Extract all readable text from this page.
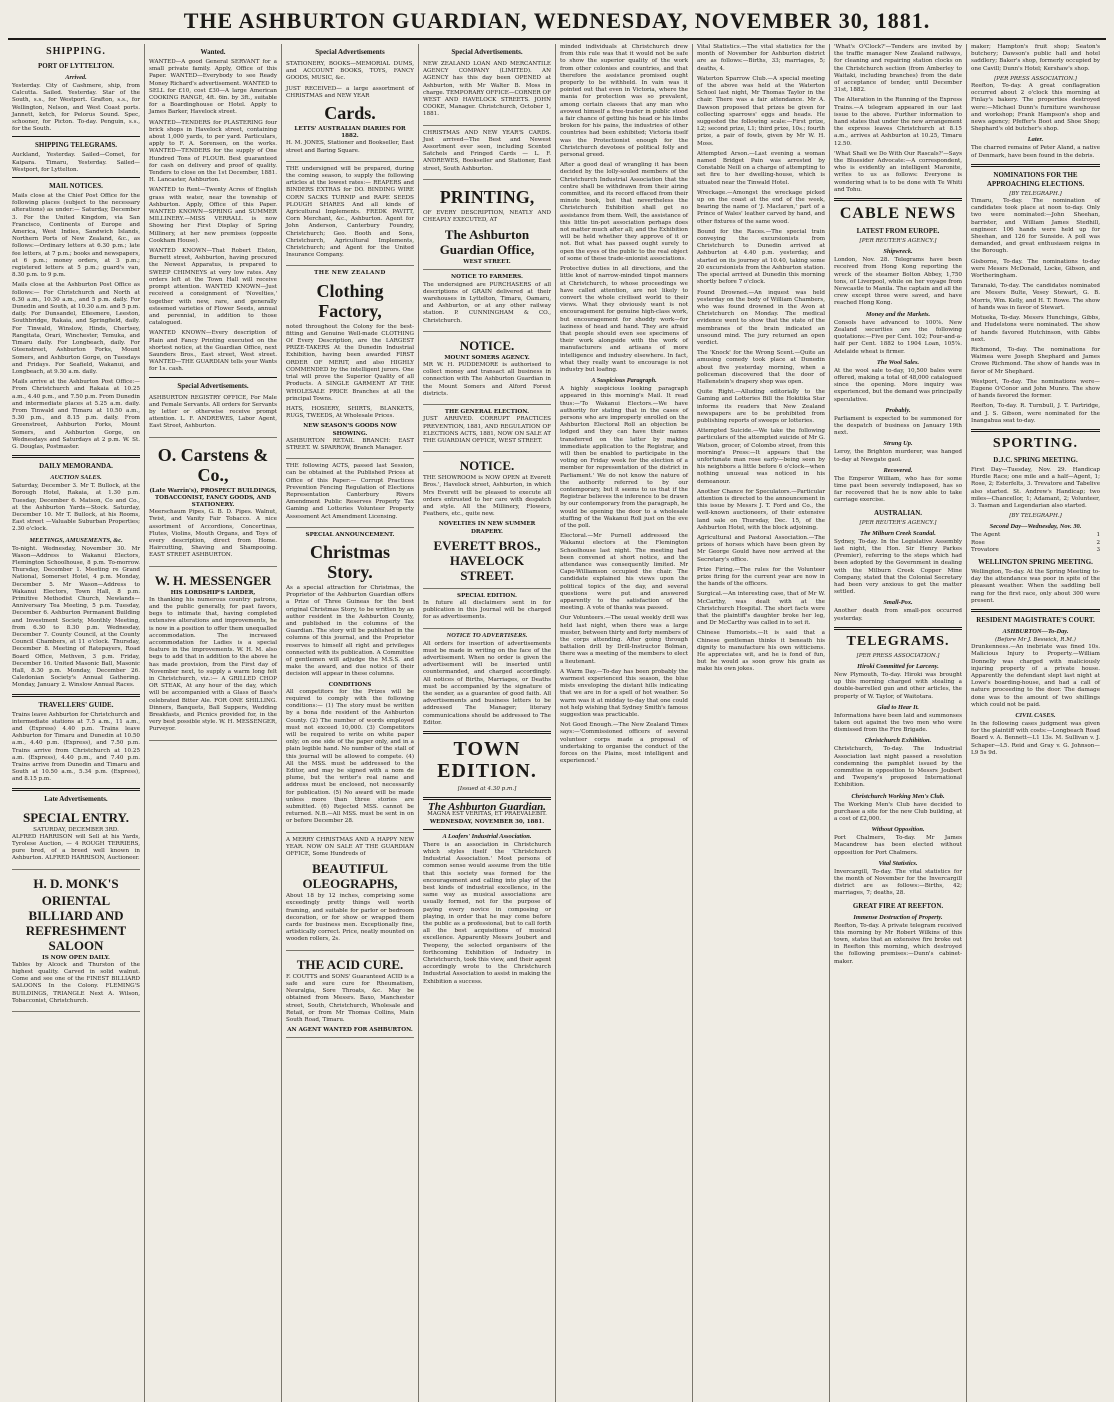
THE ASHBURTON GUARDIAN, WEDNESDAY, NOVEMBER 30, 1881.
SHIPPING.
PORT OF LYTTELTON.
Arrived.

Yesterday. City of Cashmere, ship, from Calcutta. Sailed. Yesterday. Star of the South, s.s., for Westport. Grafton, s.s., for Wellington, Nelson, and West Coast ports. Jannett, ketch, for Pelorus Sound. Spec, schooner, for Picton. To-day. Penguin, s.s., for the South.

SHIPPING TELEGRAMS.

Auckland, Yesterday. Sailed—Comet, for Kaipara. Timaru, Yesterday. Sailed—Westport, for Lyttelton.

MAIL NOTICES.

Mails close at the Chief Post Office for the following places (subject to the necessary alterations) as under:— Saturday, December 3. For the United Kingdom, via San Francisco, Continents of Europe and America, West Indies, Sandwich Islands, Northern Ports of New Zealand, &c., as follows:—Ordinary letters at 6.30 p.m.; late fee letters, at 7 p.m.; books and newspapers, at 6 p.m.; money orders, at 3 p.m.; registered letters at 5 p.m.; guard's van, 8.30 p.m. to 9 p.m.

Mails close at the Ashburton Post Office as follows:— For Christchurch and North at 6.30 a.m., 10.30 a.m., and 5 p.m. daily. For Dunedin and South, at 10.30 a.m. and 5 p.m. daily. For Dunsandel, Ellesmere, Leeston, Southbridge, Rakaia, and Springfield, daily. For Tinwald, Winslow, Hinds, Chertsey, Rangitata, Orari, Winchester, Temuka, and Timaru daily. For Longbeach, daily. For Gteenstreet, Ashburton Forks, Mount Somers, and Ashburton Gorge, on Tuesdays and Fridays. For Seafield, Wakanui, and Longbeach, at 9.30 a.m. daily.

Mails arrive at the Ashburton Post Office:— From Christchurch and Rakaia at 10.25 a.m., 4.40 p.m., and 7.50 p.m. From Dunedin and intermediate places at 5.25 a.m. daily. From Tinwald and Timaru at 10.50 a.m., 5.30 p.m., and 8.15 p.m. daily. From Greenstreet, Ashburton Forks, Mount Somers, and Ashburton Gorge, on Wednesdays and Saturdays at 2 p.m. W. St. G. Douglas, Postmaster.

DAILY MEMORANDA.
AUCTION SALES.

Saturday, December 3. Mr T. Bullock, at the Borough Hotel, Rakaia, at 1.30 p.m. Tuesday, December 6. Matson, Co and Co., at the Ashburton Yards—Stock. Saturday, December 10. Mr T. Bullock, at his Rooms, East street —Valuable Suburban Properties; 2.30 o'clock.

MEETINGS, AMUSEMENTS, &c.

To-night. Wednesday, November 30. Mr Wason—Address to Wakanui Electors, Flemington Schoolhouse, 8 p.m. To-morrow. Thursday, December 1. Meeting re Grand National, Somerset Hotel, 4 p.m. Monday, December 5. Mr Wason—Address to Wakanui Electors, Town Hall, 8 p.m. Primitive Methodist Church, Newlands—Anniversary Tea Meeting, 5 p.m. Tuesday, December 6. Ashburton Permanent Building and Investment Society, Monthly Meeting, from 6.30 to 8.30 p.m. Wednesday, December 7. County Council, at the County Council Chambers, at 11 o'clock. Thursday, December 8. Meeting of Ratepayers, Road Board Office, Methven, 3 p.m. Friday, December 16. United Masonic Ball, Masonic Hall, 8.30 p.m. Monday, December 26. Caledonian Society's Annual Gathering. Monday, January 2. Winslow Annual Races.

TRAVELLERS' GUIDE.

Trains leave Ashburton for Christchurch and intermediate stations at 7.5 a.m., 11 a.m., and (Express) 4.40 p.m. Trains leave Ashburton for Timaru and Dunedin at 10.50 a.m., 4.40 p.m. (Express), and 7.50 p.m. Trains arrive from Christchurch at 10.25 a.m. (Express), 4.40 p.m., and 7.40 p.m. Trains arrive from Dunedin and Timaru and South at 10.50 a.m., 5.34 p.m. (Express), and 8.15 p.m.

Late Advertisements.
SPECIAL ENTRY.
SATURDAY, DECEMBER 3RD.

ALFRED HARRISON will Sell at his Yards, Tyrolese Auction, — 4 ROUGH TERRIERS, pure bred, of a breed well known in Ashburton. ALFRED HARRISON, Auctioneer.

H. D. MONK'S
ORIENTAL BILLIARD AND REFRESHMENT SALOON
IS NOW OPEN DAILY.

Tables by Alcock and Thurston of the highest quality. Carved in solid walnut. Come and see one of the FINEST BILLIARD SALOONS In the Colony. FLEMING'S BUILDINGS, TRIANGLE Next A. Wilson, Tobacconist, Christchurch.

Wanted.

WANTED—A good General SERVANT for a small private family. Apply, Office of this Paper. WANTED—Everybody to see Ready Money Richard's advertisement. WANTED to SELL for £10, cost £30—A large American COOKING RANGE, 4ft. 6in. by 3ft., suitable for a Boardinghouse or Hotel. Apply to James Barker, Havelock street.

WANTED—TENDERS for PLASTERING four brick shops in Havelock street, containing about 1,000 yards, to per yard. Particulars, apply to F. A. Sorensen, on the works. WANTED—TENDERS for the supply of One Hundred Tons of FLOUR. Best guaranteed for cash on delivery and proof of quality. Tenders to close on the 1st December, 1881. H. Lancaster, Ashburton.

WANTED to Rent—Twenty Acres of English grass with water, near the township of Ashburton. Apply, Office of this Paper. WANTED KNOWN—SPRING and SUMMER MILLINERY.—MISS VERRALL is now Showing her First Display of Spring Millinery, at her new premises (opposite Cookham House).

WANTED KNOWN—That Robert Elston, Burnett street, Ashburton, having procured the Newest Apparatus, is prepared to SWEEP CHIMNEYS at very low rates. Any orders left at the Town Hall will receive prompt attention. WANTED KNOWN—Just received a consignment of 'Novelties,' together with new, rare, and generally esteemed varieties of Flower Seeds, annual and perennial, in addition to those catalogued.

WANTED KNOWN—Every description of Plain and Fancy Printing executed on the shortest notice, at the Guardian Office, next Saunders Bros., East street, West street. WANTED—THE GUARDIAN tells your Wants for 1s. cash.

Special Advertisements.

ASHBURTON REGISTRY OFFICE, For Male and Female Servants. All orders for Servants by letter or otherwise receive prompt attention. L. F. ANDREWES, Labor Agent, East Street, Ashburton.

O. Carstens & Co.,
(Late Warrin's), PROSPECT BUILDINGS, TOBACCONIST, FANCY GOODS, AND STATIONERY.

Meerschaum Pipes, G. B. D. Pipes. Walnut, Twist, and Vanity Fair Tobacco. A nice assortment of Accordions, Concertinas, Flutes, Violins, Mouth Organs, and Toys of every description, direct from Home. Haircutting, Shaving and Shampooing. EAST STREET ASHBURTON.

W. H. MESSENGER
HIS LORDSHIP'S LARDER,

In thanking his numerous country patrons, and the public generally, for past favors, begs to intimate that, having completed extensive alterations and improvements, he is now in a position to offer them unequalled accommodation. The increased accommodation for Ladies is a special feature in the improvements. W. H. M. also begs to add that in addition to the above he has made provision, from the First day of November next, to supply a warm long felt in Christchurch, viz.:— A GRILLED CHOP OR STEAK, At any hour of the day, which will be accompanied with a Glass of Bass's celebrated Bitter Ale. FOR ONE SHILLING. Dinners, Banquets, Ball Suppers, Wedding Breakfasts, and Picnics provided for, in the very best possible style. W. H. MESSENGER, Purveyor.

Special Advertisements

STATIONERY, BOOKS—MEMORIAL DUMS, and ACCOUNT BOOKS, TOYS, FANCY GOODS, MUSIC, &c.

JUST RECEIVED— a large assortment of CHRISTMAS and NEW YEAR

Cards.
LETTS' AUSTRALIAN DIARIES FOR 1882.

H. M. JONES, Stationer and Bookseller, East street and Baring Square.

THE undersigned will be prepared, during the coming season, to supply the following articles at the lowest rates:— REAPERS and BINDERS EXTRAS for DO. BINDING WIRE CORN SACKS TURNIP and RAPE SEEDS PLOUGH SHARES And all kinds of Agricultural Implements. FREDK PAVITT, Corn Merchant, &c., Ashburton. Agent for John Anderson, Canterbury Foundry, Christchurch; Geo. Booth and Sons, Christchurch, Agricultural Implements, Christchurch; and Agent for the United Insurance Company.

THE NEW ZEALAND
Clothing Factory,

noted throughout the Colony for the best-fitting and Genuine Well-made CLOTHING Of Every Description, are the LARGEST PRIZE-TAKERS At the Dunedin Industrial Exhibition, having been awarded FIRST ORDER OF MERIT, and also HIGHLY COMMENDED by the intelligent jurors. One trial will prove the Superior Quality of all Products. A SINGLE GARMENT AT THE WHOLESALE PRICE Branches at all the principal Towns.

HATS, HOSIERY, SHIRTS, BLANKETS, RUGS, TWEEDS, At Wholesale Prices.

NEW SEASON'S GOODS NOW SHOWING.

ASHBURTON RETAIL BRANCH: EAST STREET. W. SPARROW, Branch Manager.

THE following ACTS, passed last Session, can be obtained at the Published Prices at Office of this Paper:— Corrupt Practices Prevention Fencing Regulation of Elections Representation Canterbury Rivers Amendment Public Reserves Property Tax Gaming and Lotteries Volunteer Property Assessment Act Amendment Licensing.

SPECIAL ANNOUNCEMENT.
Christmas Story.

As a special attraction for Christmas, the Proprietor of the Ashburton Guardian offers a Prize of Three Guineas for the best original Christmas Story, to be written by an author resident in the Ashburton County, and published in the columns of the Guardian. The story will be published in the columns of this journal, and the Proprietor reserves to himself all right and privileges connected with its publication. A Committee of gentlemen will adjudge the M.S.S. and make the award, and due notice of their decision will appear in these columns.

CONDITIONS

All competitors for the Prizes will be required to comply with the following conditions:— (1) The story must be written by a bona fide resident of the Ashburton County. (2) The number of words employed must not exceed 10,000. (3) Competitors will be required to write on white paper only; on one side of the paper only, and in a plain legible hand. No number of the stall of this journal will be allowed to compete. (4) All the MSS. must be addressed to the Editor, and may be signed with a nom de plume, but the writer's real name and address must be enclosed, not necessarily for publication. (5) No award will be made unless more than three stories are submitted. (6) Rejected MSS. cannot be returned. N.B.—All MSS. must be sent in on or before December 28.

A MERRY CHRISTMAS AND A HAPPY NEW YEAR. NOW ON SALE AT THE GUARDIAN OFFICE, Some Hundreds of

BEAUTIFUL OLEOGRAPHS,

About 18 by 12 inches, comprising some exceedingly pretty things well worth framing, and suitable for parlor or bedroom decoration, or for show or wrapped them cards for business men. Exceptionally fine, artistically correct. Price, neatly mounted on wooden rollers, 2s.

THE ACID CURE.

F. COUTTS and SONS' Guaranteed ACID is a safe and sure cure for Rheumatism, Neuralgia, Sore Throats, &c. May be obtained from Messrs. Baxo, Manchester street, South, Christchurch, Wholesale and Retail, or from Mr Thomas Collins, Main South Road, Timaru.

AN AGENT WANTED FOR ASHBURTON.
Special Advertisements.

NEW ZEALAND LOAN AND MERCANTILE AGENCY COMPANY (LIMITED). AN AGENCY has this day been OPENED at Ashburton, with Mr Walter B. Moss in charge. TEMPORARY OFFICE—CORNER OF WEST AND HAVELOCK STREETS. JOHN COOKE, Manager. Christchurch, October 1, 1881.

CHRISTMAS AND NEW YEAR'S CARDS. Just arrived—The Best and Newest Assortment ever seen, including Scented Satchels and Fringed Cards — L. F. ANDREWES, Bookseller and Stationer, East street, South Ashburton.

PRINTING,

OF EVERY DESCRIPTION, NEATLY AND CHEAPLY EXECUTED, AT

The Ashburton Guardian Office,
WEST STREET.
NOTICE TO FARMERS.

The undersigned are PURCHASERS of all descriptions of GRAIN delivered at their warehouses in Lyttelton, Timaru, Oamaru, and Ashburton, or at any other railway station. P. CUNNINGHAM & CO., Christchurch.

NOTICE.
MOUNT SOMERS AGENCY.

MR W. H. PUDDEMORE is authorised to collect money and transact all business in connection with The Ashburton Guardian in the Mount Somers and Alford Forest districts.

THE GENERAL ELECTION.

JUST ARRIVED. CORRUPT PRACTICES PREVENTION, 1881, AND REGULATION OF ELECTIONS ACTS, 1881, NOW ON SALE AT THE GUARDIAN OFFICE, WEST STREET.

NOTICE.

THE SHOWROOM is NOW OPEN at Everett Bros.', Havelock street, Ashburton, in which Mrs Everett will be pleased to execute all orders entrusted to her care with despatch and style. All the Millinery, Flowers, Feathers, etc., quite new.

NOVELTIES IN NEW SUMMER DRAPERY.
EVERETT BROS., HAVELOCK STREET.
SPECIAL EDITION.

In future all disclaimers sent in for publication in this Journal will be charged for as advertisements.

NOTICE TO ADVERTISERS.

All orders for insertion of advertisements must be made in writing on the face of the advertisement. When no order is given the advertisement will be inserted until countermanded, and charged accordingly. All notices of Births, Marriages, or Deaths must be accompanied by the signature of the sender, as a guarantee of good faith. All advertisements and business letters to be addressed The Manager; literary communications should be addressed to The Editor.

TOWN EDITION.
[Issued at 4.30 p.m.]
The Ashburton Guardian.
MAGNA EST VERITAS, ET PRAEVALEBIT.
WEDNESDAY, NOVEMBER 30, 1881.
A Loafers' Industrial Association.

There is an association in Christchurch which styles itself the 'Christchurch Industrial Association.' Most persons of common sense would assume from the title that this society was formed for the encouragement and calling into play of the best kinds of industrial excellence, in the same way as musical associations are usually formed, not for the purpose of paying every novice in composing or playing, in order that he may come before the public as a professional, but to call forth all the best acquisitions of musical excellence. Apparently Messrs Joubert and Twopeny, the selected organisers of the forthcoming Exhibition of Industry in Christchurch, took this view, and their agent accordingly wrote to the Christchurch Industrial Association to assist in making the Exhibition a success.

minded individuals at Christchurch drew from this rule was that it would not be safe to show the superior quality of the work from other colonies and countries, and that therefore the assistance promised ought properly to be withheld. In vain was it pointed out that even in Victoria, where the mania for protection was so prevalent, among certain classes that any man who avowed himself a free-trader in public stood a fair chance of getting his head or his limbs broken for his pains, the industries of other countries had been exhibited; Victoria itself was the Protectionist enough for the Christchurch devotees of political folly and personal greed.

After a good deal of wrangling it has been decided by the lolly-souled members of the Christchurch Industrial Association that the centre shall be withdrawn from their airing committee, and its record effaced from their minute book, but that nevertheless the Christchurch Exhibition shall get no assistance from them. Well, the assistance of this little tin-pot association perhaps does not matter much after all; and the Exhibition will be held whether they approve of it or not. But what has passed ought surely to open the eyes of the public to the real object of some of these trade-unionist associations.

Protective duties in all directions, and the little knot of narrow-minded tinpot manners at Christchurch, to whose proceedings we have called attention, are not likely to convert the whole civilised world to their views. What they obviously want is not encouragement for genuine high-class work, but encouragement for shoddy work—for laziness of head and hand. They are afraid that people should even see specimens of their work alongside with the work of manufacturers and artisans of more intelligence and industry elsewhere. In fact, what they really want to encourage is not industry but loafing.

A Suspicious Paragraph.

A highly suspicious looking paragraph appeared in this morning's Mail. It read thus:—'To Wakanui Electors.—We have authority for stating that in the cases of persons who are improperly enrolled on the Ashburton Electoral Roll an objection be lodged and they can have their names transferred on the latter by making immediate application to the Registrar, and will then be enabled to participate in the voting on Friday week for the election of a member for representation of the district in Parliament.' We do not know the nature of the authority referred to by our contemporary, but it seems to us that if the Registrar believes the inference to be drawn by our contemporary from the paragraph, he would be opening the door to a wholesale stuffing of the Wakanui Roll just on the eve of the poll.

Electoral.—Mr Purnell addressed the Wakanui electors at the Flemington Schoolhouse last night. The meeting had been convened at short notice, and the attendance was consequently limited. Mr Cape-Williamson occupied the chair. The candidate explained his views upon the political topics of the day, and several questions were put and answered apparently to the satisfaction of the meeting. A vote of thanks was passed.

Our Volunteers.—The usual weekly drill was held last night, when there was a large muster, between thirty and forty members of the corps attending. After going through battalion drill by Drill-Instructor Bolman, there was a meeting of the members to elect a lieutenant.

A Warm Day.—To-day has been probably the warmest experienced this season, the blue mists enveloping the distant hills indicating that we are in for a spell of hot weather. So warm was it at midday to-day that one could not help wishing that Sydney Smith's famous suggestion was practicable.

Not Good Enough.—The New Zealand Times says:—'Commissioned officers of several volunteer corps made a proposal of undertaking to organise the conduct of the forces on the Plains, most intelligent and experienced.'

Vital Statistics.—The vital statistics for the month of November for Ashburton district are as follows:—Births, 33; marriages, 5; deaths, 4.

Waterton Sparrow Club.—A special meeting of the above was held at the Waterton School last night, Mr Thomas Taylor in the chair. There was a fair attendance. Mr A. Dawson proposed that prizes be given for collecting sparrows' eggs and heads. He suggested the following scale:—First prize, L2; second prize, L1; third prize, 10s.; fourth prize, a pair of fowls, given by Mr W. H. Moss.

Attempted Arson.—Last evening a woman named Bridget Pain was arrested by Constable Neill on a charge of attempting to set fire to her dwelling-house, which is situated near the Tinwald Hotel.

Wreckage.—Amongst the wreckage picked up on the coast at the end of the week, bearing the name of 'J. Maclaren,' part of a Prince of Wales' leather carved by hand, and other fixtures of the same wood.

Bound for the Races.—The special train conveying the excursionists from Christchurch to Dunedin arrived at Ashburton at 4.40 p.m. yesterday, and started on its journey at 10.40, taking some 20 excursionists from the Ashburton station. The special arrived at Dunedin this morning shortly before 7 o'clock.

Found Drowned.—An inquest was held yesterday on the body of William Chambers, who was found drowned in the Avon at Christchurch on Monday. The medical evidence went to show that the state of the membranes of the brain indicated an unsound mind. The jury returned an open verdict.

The 'Knock' for the Wrong Scent.—Quite an amusing comedy took place at Dunedin about five yesterday morning, when a policeman discovered that the door of Hallenstein's drapery shop was open.

Quite Right.—Alluding editorially to the Gaming and Lotteries Bill the Hokitika Star informs its readers that New Zealand newspapers are to be prohibited from publishing reports of sweeps or lotteries.

Attempted Suicide.—We take the following particulars of the attempted suicide of Mr G. Watson, grocer, of Colombo street, from this morning's Press:—It appears that the unfortunate man rose early—being seen by his neighbors a little before 6 o'clock—when nothing unusual was noticed in his demeanour.

Another Chance for Speculators.—Particular attention is directed to the announcement in this issue by Messrs J. T. Ford and Co., the well-known auctioneers, of their extensive land sale on Thursday, Dec. 15, of the Ashburton Hotel, with the block adjoining.

Agricultural and Pastoral Association.—The prizes of horses which have been given by Mr George Gould have now arrived at the Secretary's office.

Prize Firing.—The rules for the Volunteer prize firing for the current year are now in the hands of the officers.

Surgical.—An interesting case, that of Mr W. McCarthy, was dealt with at the Christchurch Hospital. The short facts were that the plaintiff's daughter broke her leg, and Dr McCarthy was called in to set it.

Chinese Humorists.—It is said that a Chinese gentleman thinks it beneath his dignity to manufacture his own witticisms. He appreciates wit, and he is fond of fun, but he would as soon grow his grain as make his own jokes.

'What's O'Clock?'—Tenders are invited by the traffic manager New Zealand railways, for cleaning and repairing station clocks on the Christchurch section (from Amberley to Waitaki, including branches) from the date of acceptance of tender, until December 31st, 1882.

The Alteration in the Running of the Express Trains.—A telegram appeared in our last issue to the above. Further information to hand states that under the new arrangement the express leaves Christchurch at 8.15 a.m., arrives at Ashburton at 10.25, Timaru 12.50.

'What Shall we Do With Our Rascals?'—Says the Bluesider Advocate:—A correspondent, who is evidently an intelligent Maronite, writes to us as follows: Everyone is wondering what is to be done with Te Whiti and Tohu.

CABLE NEWS
LATEST FROM EUROPE.
[PER REUTER'S AGENCY.]
Shipwreck.

London, Nov. 28. Telegrams have been received from Hong Kong reporting the wreck of the steamer Bolton Abbey, 1,750 tons, of Liverpool, while on her voyage from Newcastle to Manila. The captain and all the crew except three were saved, and have reached Hong Kong.

Money and the Markets.

Consols have advanced to 100⅞. New Zealand securities are the following quotations:—Five per Cent. 102; Four-and-a-half per Cent. 1882 to 1904 Loan, 105⅞. Adelaide wheat is firmer.

The Wool Sales.

At the wool sale to-day, 10,500 bales were offered, making a total of 48,000 catalogued since the opening. More inquiry was experienced, but the demand was principally speculative.

Probably.

Parliament is expected to be summoned for the despatch of business on January 19th next.

Strung Up.

Leroy, the Brighton murderer, was hanged to-day at Newgate gaol.

Recovered.

The Emperor William, who has for some time past been severely indisposed, has so far recovered that he is now able to take carriage exercise.

AUSTRALIAN.
[PER REUTER'S AGENCY.]
The Milburn Creek Scandal.

Sydney, To-day. In the Legislative Assembly last night, the Hon. Sir Henry Parkes (Premier), referring to the steps which had been adopted by the Government in dealing with the Milburn Creek Copper Mine Company, stated that the Colonial Secretary had been very anxious to get the matter settled.

Small-Pox.

Another death from small-pox occurred yesterday.

TELEGRAMS.
[PER PRESS ASSOCIATION.]
Hiroki Committed for Larceny.

New Plymouth, To-day. Hiroki was brought up this morning charged with stealing a double-barrelled gun and other articles, the property of W. Taylor, of Waitotara.

Glad to Hear It.

Informations have been laid and summonses taken out against the two men who were dismissed from the Fire Brigade.

Christchurch Exhibition.

Christchurch, To-day. The Industrial Association last night passed a resolution condemning the pamphlet issued by the committee in opposition to Messrs Joubert and Twopeny's proposed International Exhibition.

Christchurch Working Men's Club.

The Working Men's Club have decided to purchase a site for the new Club building, at a cost of £2,000.

Without Opposition.

Port Chalmers, To-day. Mr James Macandrew has been elected without opposition for Port Chalmers.

Vital Statistics.

Invercargill, To-day. The vital statistics for the month of November for the Invercargill district are as follows:—Births, 42; marriages, 7; deaths, 28.

GREAT FIRE AT REEFTON.
Immense Destruction of Property.

Reefton, To-day. A private telegram received this morning by Mr Robert Wilkins of this town, states that an extensive fire broke out in Reefton this morning, which destroyed the following premises:—Dunn's cabinet-maker.

maker; Hampton's fruit shop; Seaton's butchery; Dawson's public hall and hotel saddlery; Baker's shop, formerly occupied by one Cavill; Dunn's Hotel; Kershaw's shop.

[PER PRESS ASSOCIATION.]

Reefton, To-day. A great conflagration occurred about 2 o'clock this morning at Finlay's bakery. The properties destroyed were:—Michael Dunn's furniture warehouse and workshop; Frank Hampson's shop and news agency; Pfeffer's Boot and Shoe Shop; Shephard's old butcher's shop.

Later.

The charred remains of Peter Aland, a native of Denmark, have been found in the debris.

NOMINATIONS FOR THE APPROACHING ELECTIONS.
[BY TELEGRAPH.]

Timaru, To-day. The nomination of candidates took place at noon to-day. Only two were nominated:—John Sheehan, barrister, and William James Stedhill, engineer. 106 hands were held up for Sheehan, and 126 for Sunside. A poll was demanded, and great enthusiasm reigns in the Borough.

Gisborne, To-day. The nominations to-day were Messrs McDonald, Locke, Gibson, and Wortheringham.

Taranaki, To-day. The candidates nominated are Messrs Bulte, Vesey Stewart, G. B. Morris, Wm. Kelly, and H. T. Rowe. The show of hands was in favor of Stewart.

Motueka, To-day. Messrs Hunchings, Gibbs, and Hudelstons were nominated. The show of hands favored Hutchinson, with Gibbs next.

Richmond, To-day. The nominations for Waimea were Joseph Shephard and James Crowe Richmond. The show of hands was in favor of Mr Shephard.

Westport, To-day. The nominations were—Eugene O'Conor and John Munro. The show of hands favored the former.

Reefton, To-day. R. Turnbull, J. T. Partridge, and J. S. Gibson, were nominated for the Inangahua seat to-day.

SPORTING.
D.J.C. SPRING MEETING.

First Day—Tuesday, Nov. 29. Handicap Hurdle Race; one mile and a half—Agent, 1; Rose, 2; Esterfelts, 3. Trevatore and Tabelive also started. St. Andrew's Handicap; two miles—Chancellor, 1; Adamant, 2; Volunteer, 3. Tasman and Legendarian also started.

[BY TELEGRAPH.]
Second Day—Wednesday, Nov. 30.
The Agent	1
Rose	2
Trovatore	3
WELLINGTON SPRING MEETING.

Wellington, To-day. At the Spring Meeting to-day the attendance was poor in spite of the pleasant weather. When the saddling bell rang for the first race, only about 300 were present.

RESIDENT MAGISTRATE'S COURT.
ASHBURTON—To-Day.
(Before Mr J. Beswick, R.M.)

Drunkenness.—An inebriate was fined 10s. Malicious Injury to Property.—William Donnelly was charged with maliciously injuring property of a private house. Apparently the defendant slept last night at Lowe's boarding-house, and had a call of nature proceeding to the door. The damage done was to the amount of two shillings which could not be paid.

CIVIL CASES.

In the following cases judgment was given for the plaintiff with costs:—Longbeach Road Board v. A. Bennett—L1 13s. M. Sullivan v. J. Schaper—L5. Reid and Gray v. G. Johnson—L9 5s 9d.
